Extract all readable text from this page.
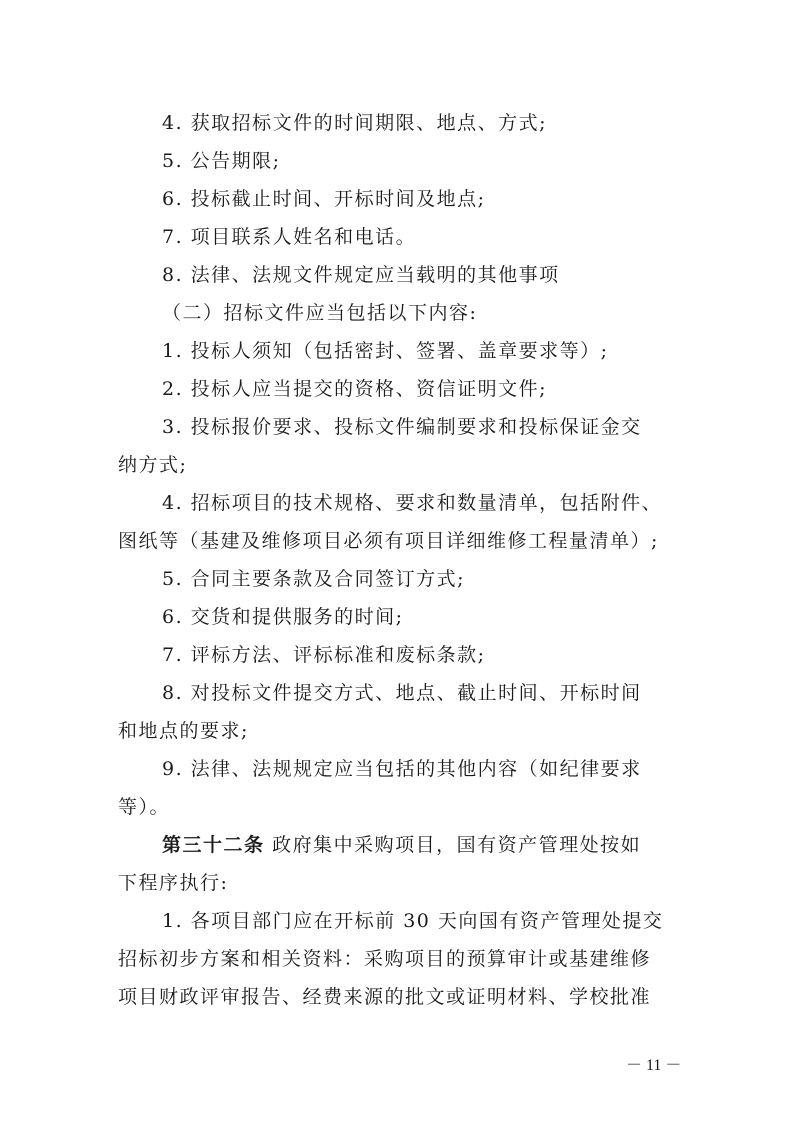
4. 获取招标文件的时间期限、地点、方式;
5. 公告期限;
6. 投标截止时间、开标时间及地点;
7. 项目联系人姓名和电话。
8. 法律、法规文件规定应当载明的其他事项
（二）招标文件应当包括以下内容:
1. 投标人须知（包括密封、签署、盖章要求等）;
2. 投标人应当提交的资格、资信证明文件;
3. 投标报价要求、投标文件编制要求和投标保证金交
纳方式;
4. 招标项目的技术规格、要求和数量清单，包括附件、
图纸等（基建及维修项目必须有项目详细维修工程量清单）;
5. 合同主要条款及合同签订方式;
6. 交货和提供服务的时间;
7. 评标方法、评标标准和废标条款;
8. 对投标文件提交方式、地点、截止时间、开标时间
和地点的要求;
9. 法律、法规规定应当包括的其他内容（如纪律要求
等）。
第三十二条 政府集中采购项目，国有资产管理处按如
下程序执行:
1. 各项目部门应在开标前 30 天向国有资产管理处提交
招标初步方案和相关资料：采购项目的预算审计或基建维修
项目财政评审报告、经费来源的批文或证明材料、学校批准
－ 11 －
